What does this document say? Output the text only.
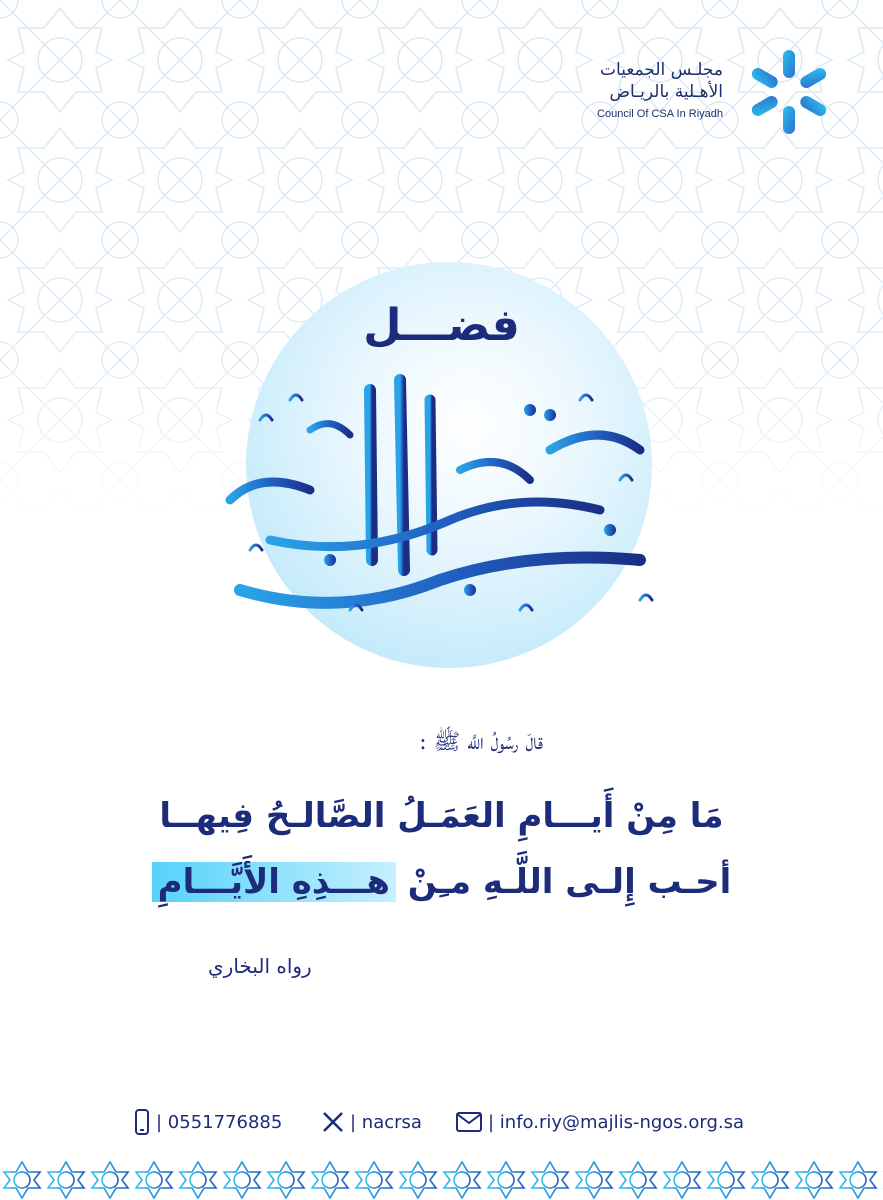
مجلـس الجمعيات
الأهـلية بالريـاض
Council Of CSA In Riyadh
فضـــل
قالَ رسُولُ اللَّه ﷺ :
مَا مِنْ أَيـــامِ العَمَـلُ الصَّالـحُ فِيهــا
أحـب إِلـى اللَّـهِ مـِنْ هـــذِهِ الأَيَّـــامِ
رواه البخاري
| 0551776885	| nacrsa	| info.riy@majlis-ngos.org.sa
